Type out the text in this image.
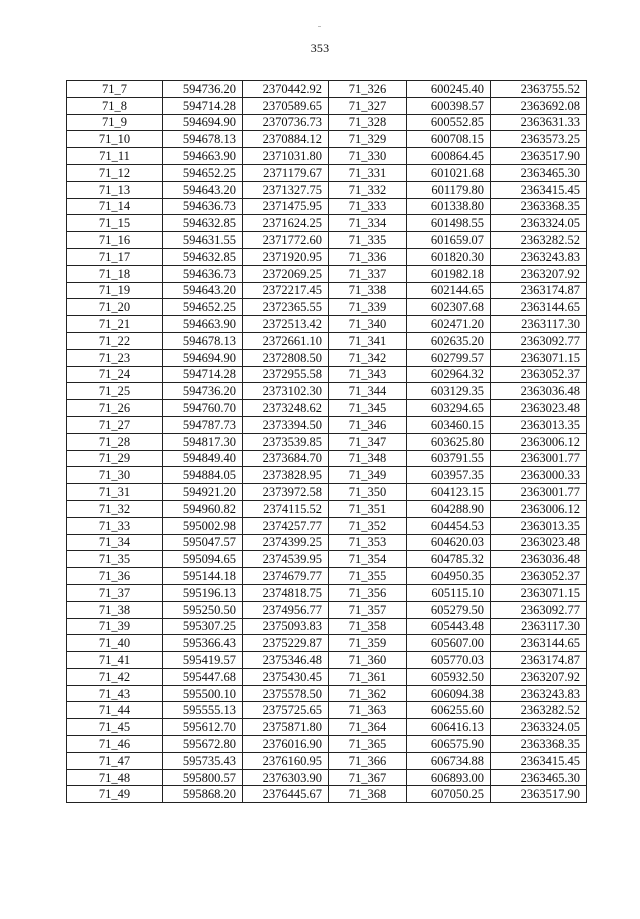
353
71_7	594736.20	2370442.92	71_326	600245.40	2363755.52
71_8	594714.28	2370589.65	71_327	600398.57	2363692.08
71_9	594694.90	2370736.73	71_328	600552.85	2363631.33
71_10	594678.13	2370884.12	71_329	600708.15	2363573.25
71_11	594663.90	2371031.80	71_330	600864.45	2363517.90
71_12	594652.25	2371179.67	71_331	601021.68	2363465.30
71_13	594643.20	2371327.75	71_332	601179.80	2363415.45
71_14	594636.73	2371475.95	71_333	601338.80	2363368.35
71_15	594632.85	2371624.25	71_334	601498.55	2363324.05
71_16	594631.55	2371772.60	71_335	601659.07	2363282.52
71_17	594632.85	2371920.95	71_336	601820.30	2363243.83
71_18	594636.73	2372069.25	71_337	601982.18	2363207.92
71_19	594643.20	2372217.45	71_338	602144.65	2363174.87
71_20	594652.25	2372365.55	71_339	602307.68	2363144.65
71_21	594663.90	2372513.42	71_340	602471.20	2363117.30
71_22	594678.13	2372661.10	71_341	602635.20	2363092.77
71_23	594694.90	2372808.50	71_342	602799.57	2363071.15
71_24	594714.28	2372955.58	71_343	602964.32	2363052.37
71_25	594736.20	2373102.30	71_344	603129.35	2363036.48
71_26	594760.70	2373248.62	71_345	603294.65	2363023.48
71_27	594787.73	2373394.50	71_346	603460.15	2363013.35
71_28	594817.30	2373539.85	71_347	603625.80	2363006.12
71_29	594849.40	2373684.70	71_348	603791.55	2363001.77
71_30	594884.05	2373828.95	71_349	603957.35	2363000.33
71_31	594921.20	2373972.58	71_350	604123.15	2363001.77
71_32	594960.82	2374115.52	71_351	604288.90	2363006.12
71_33	595002.98	2374257.77	71_352	604454.53	2363013.35
71_34	595047.57	2374399.25	71_353	604620.03	2363023.48
71_35	595094.65	2374539.95	71_354	604785.32	2363036.48
71_36	595144.18	2374679.77	71_355	604950.35	2363052.37
71_37	595196.13	2374818.75	71_356	605115.10	2363071.15
71_38	595250.50	2374956.77	71_357	605279.50	2363092.77
71_39	595307.25	2375093.83	71_358	605443.48	2363117.30
71_40	595366.43	2375229.87	71_359	605607.00	2363144.65
71_41	595419.57	2375346.48	71_360	605770.03	2363174.87
71_42	595447.68	2375430.45	71_361	605932.50	2363207.92
71_43	595500.10	2375578.50	71_362	606094.38	2363243.83
71_44	595555.13	2375725.65	71_363	606255.60	2363282.52
71_45	595612.70	2375871.80	71_364	606416.13	2363324.05
71_46	595672.80	2376016.90	71_365	606575.90	2363368.35
71_47	595735.43	2376160.95	71_366	606734.88	2363415.45
71_48	595800.57	2376303.90	71_367	606893.00	2363465.30
71_49	595868.20	2376445.67	71_368	607050.25	2363517.90
